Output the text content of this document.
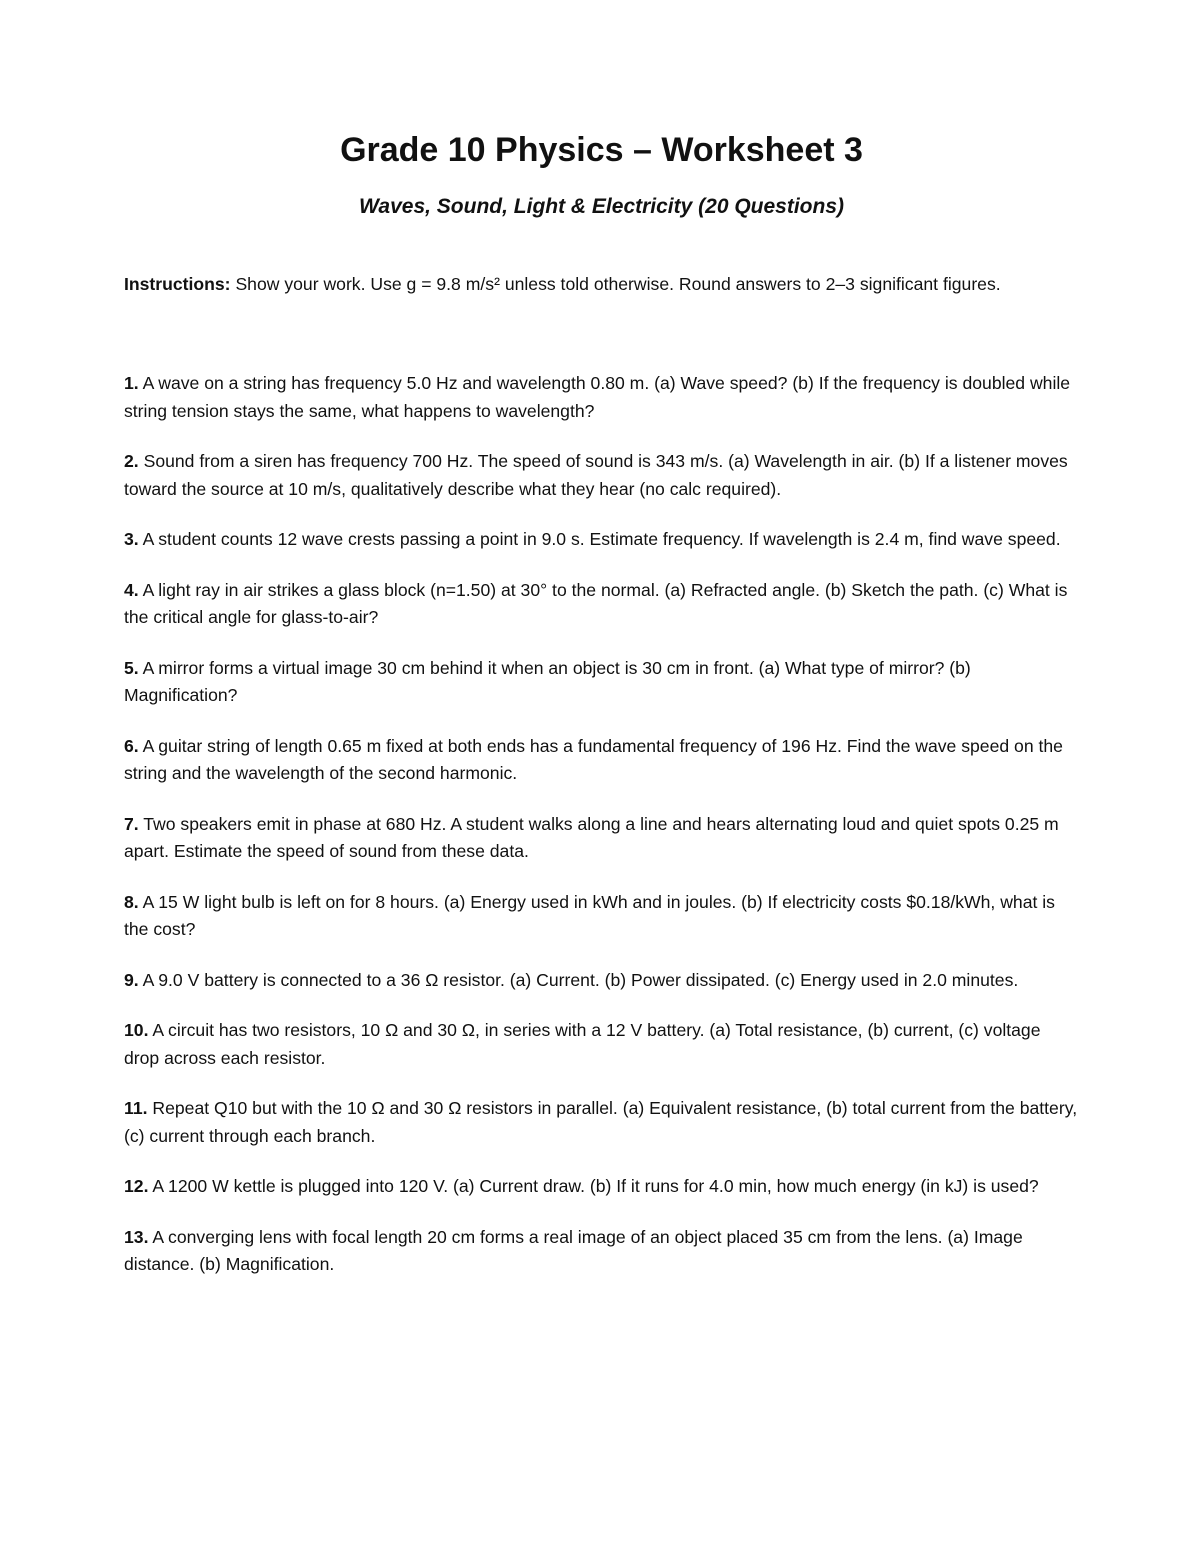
Grade 10 Physics – Worksheet 3
Waves, Sound, Light & Electricity (20 Questions)

Instructions: Show your work. Use g = 9.8 m/s² unless told otherwise. Round answers to 2–3 significant figures.

1. A wave on a string has frequency 5.0 Hz and wavelength 0.80 m. (a) Wave speed? (b) If the frequency is doubled while string tension stays the same, what happens to wavelength?

2. Sound from a siren has frequency 700 Hz. The speed of sound is 343 m/s. (a) Wavelength in air. (b) If a listener moves toward the source at 10 m/s, qualitatively describe what they hear (no calc required).

3. A student counts 12 wave crests passing a point in 9.0 s. Estimate frequency. If wavelength is 2.4 m, find wave speed.

4. A light ray in air strikes a glass block (n=1.50) at 30° to the normal. (a) Refracted angle. (b) Sketch the path. (c) What is the critical angle for glass-to-air?

5. A mirror forms a virtual image 30 cm behind it when an object is 30 cm in front. (a) What type of mirror? (b) Magnification?

6. A guitar string of length 0.65 m fixed at both ends has a fundamental frequency of 196 Hz. Find the wave speed on the string and the wavelength of the second harmonic.

7. Two speakers emit in phase at 680 Hz. A student walks along a line and hears alternating loud and quiet spots 0.25 m apart. Estimate the speed of sound from these data.

8. A 15 W light bulb is left on for 8 hours. (a) Energy used in kWh and in joules. (b) If electricity costs $0.18/kWh, what is the cost?

9. A 9.0 V battery is connected to a 36 Ω resistor. (a) Current. (b) Power dissipated. (c) Energy used in 2.0 minutes.

10. A circuit has two resistors, 10 Ω and 30 Ω, in series with a 12 V battery. (a) Total resistance, (b) current, (c) voltage drop across each resistor.

11. Repeat Q10 but with the 10 Ω and 30 Ω resistors in parallel. (a) Equivalent resistance, (b) total current from the battery, (c) current through each branch.

12. A 1200 W kettle is plugged into 120 V. (a) Current draw. (b) If it runs for 4.0 min, how much energy (in kJ) is used?

13. A converging lens with focal length 20 cm forms a real image of an object placed 35 cm from the lens. (a) Image distance. (b) Magnification.
